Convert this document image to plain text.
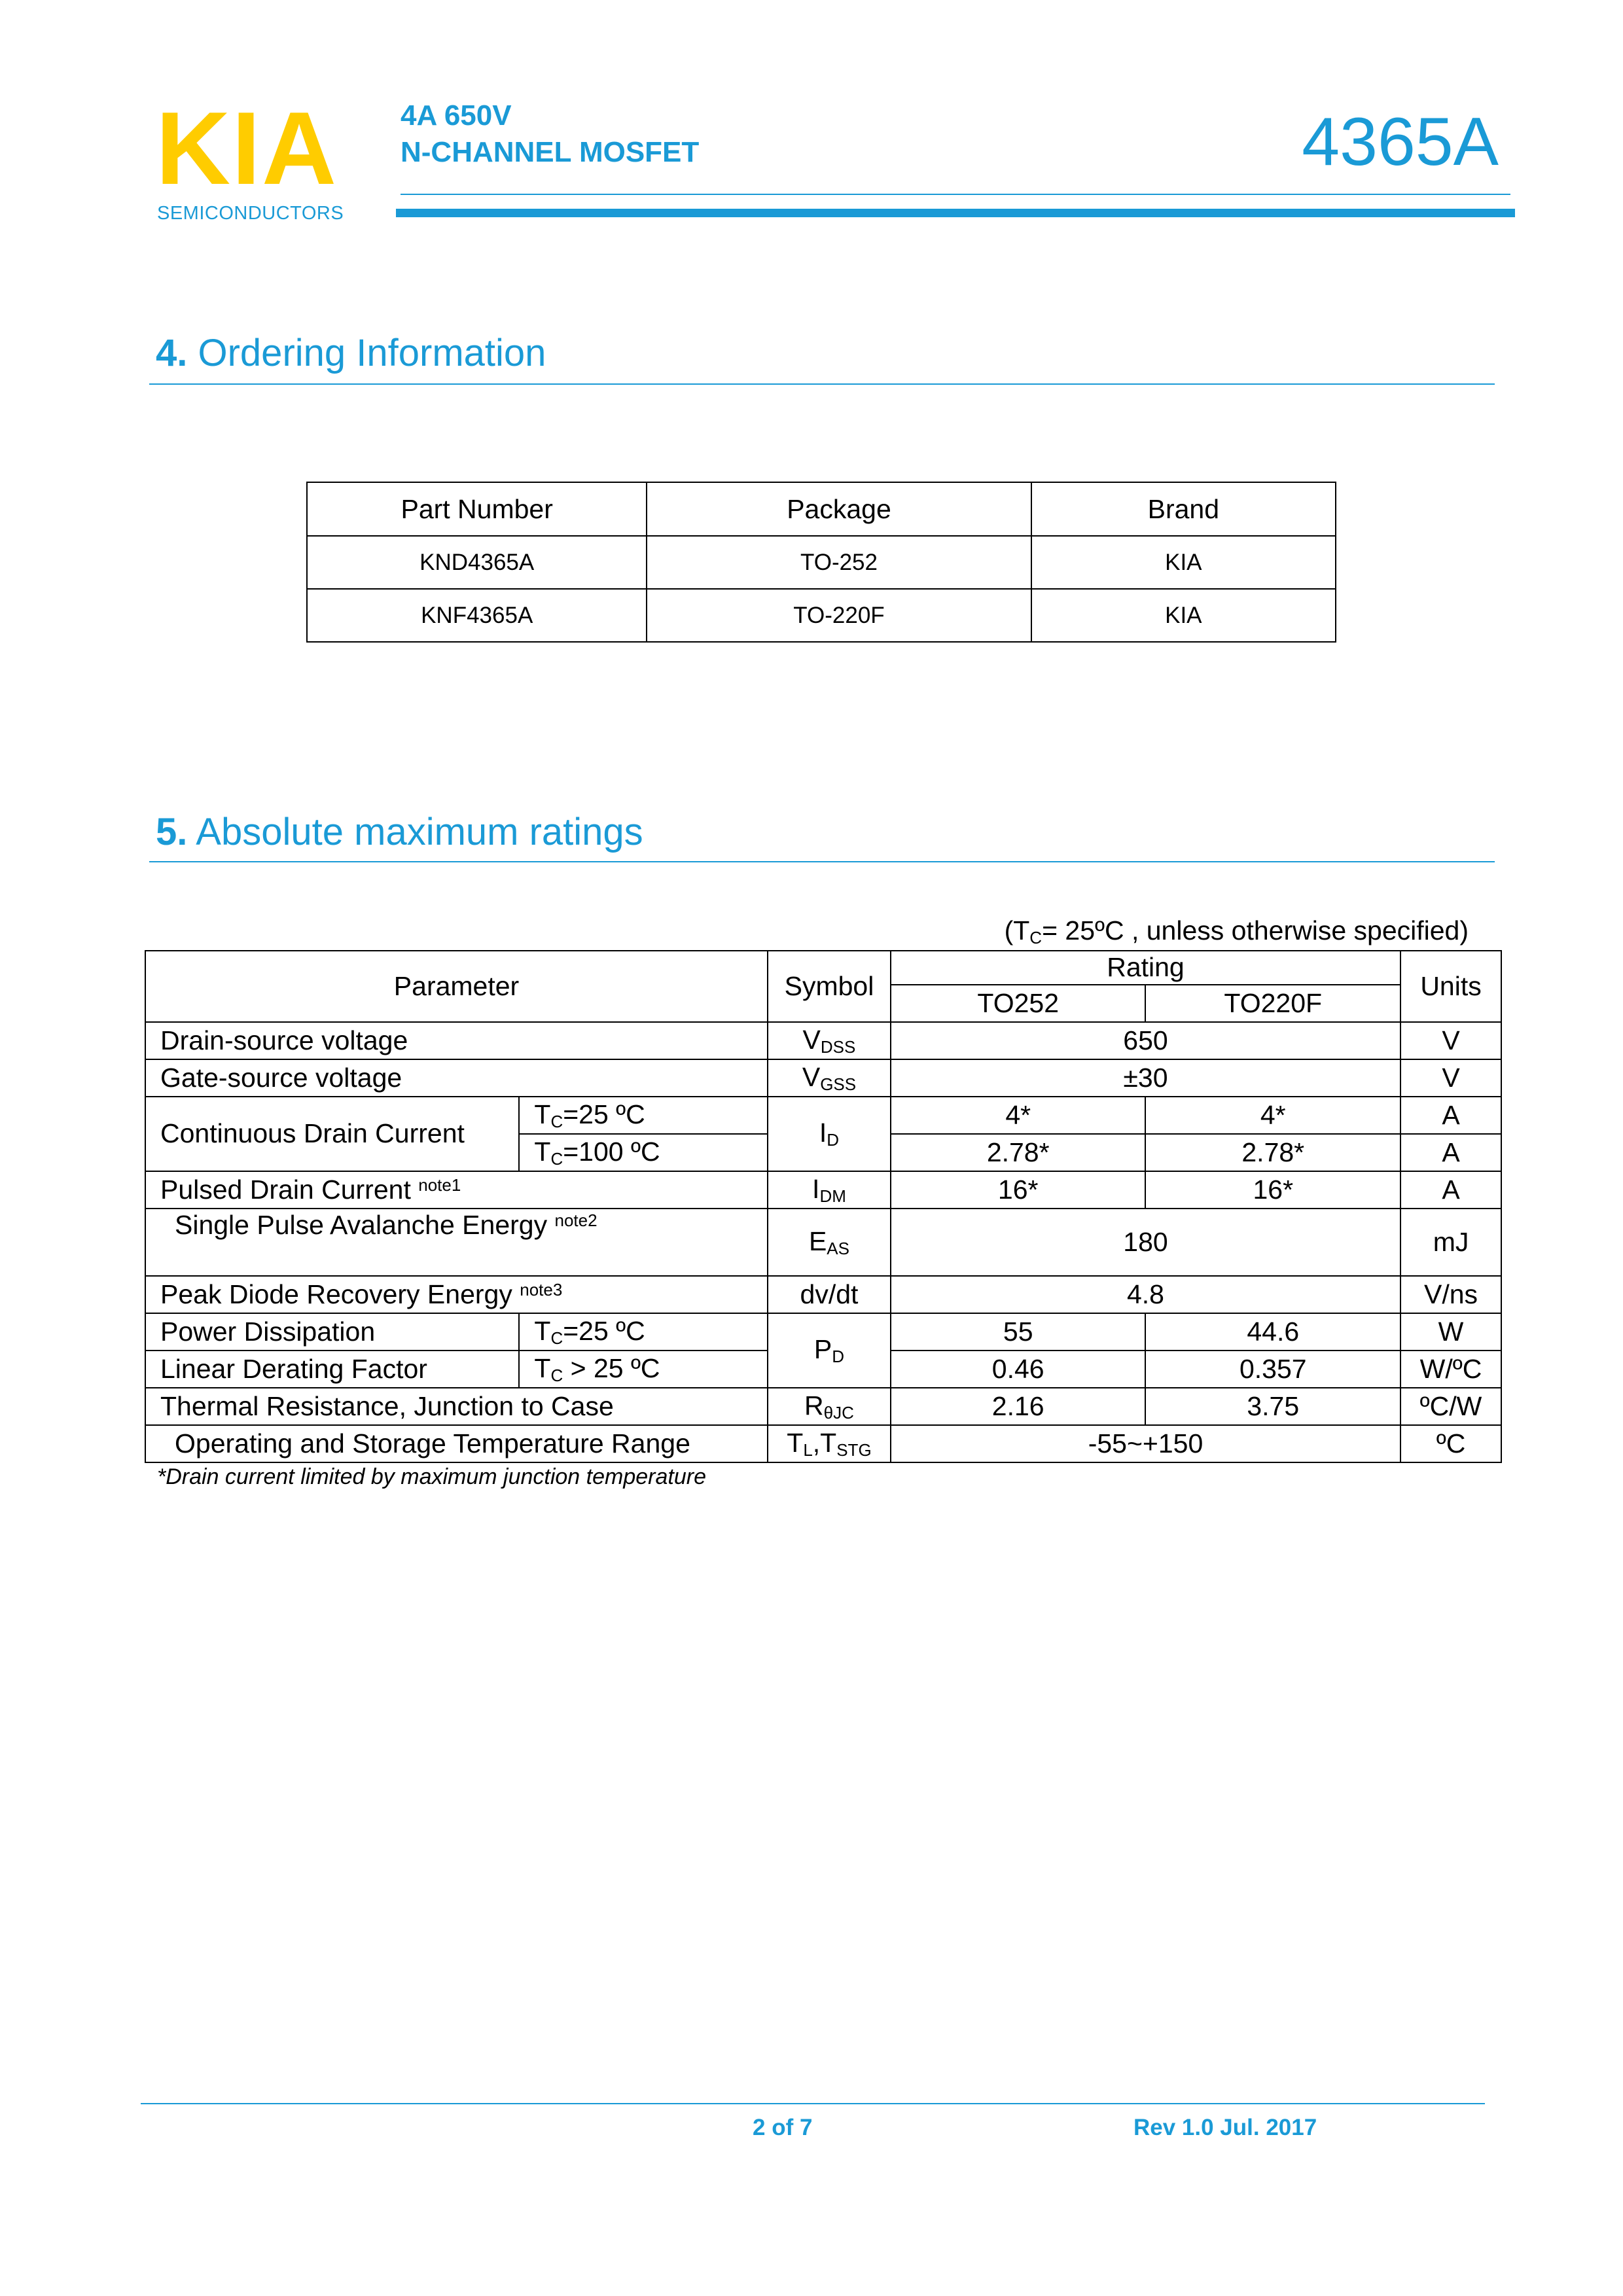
KIA
SEMICONDUCTORS
4A 650V
N-CHANNEL MOSFET	4365A
4. Ordering Information
Part Number	Package	Brand
KND4365A	TO-252	KIA
KNF4365A	TO-220F	KIA
5. Absolute maximum ratings
($T_C=$ 25ºC , unless otherwise specified)
Parameter		Symbol	Rating		Units
			TO252	TO220F	
Drain-source voltage		$V_{DSS}$	650		V
Gate-source voltage		$V_{GSS}$	±30		V
Continuous Drain Current	$T_C=25$ ºC	$I_D$	4*	4*	A
	$T_C=100$ ºC		2.78*	2.78*	A
Pulsed Drain Current $^{note1}$		$I_{DM}$	16*	16*	A
Single Pulse Avalanche Energy $^{note2}$		$E_{AS}$	180		mJ
Peak Diode Recovery Energy $^{note3}$		dv/dt	4.8		V/ns
Power Dissipation	$T_C=25$ ºC	$P_D$	55	44.6	W
Linear Derating Factor	$T_C > 25$ ºC		0.46	0.357	W/ºC
Thermal Resistance, Junction to Case		$R_{\theta JC}$	2.16	3.75	ºC/W
Operating and Storage Temperature Range		$T_L,T_{STG}$	-55~+150		ºC
*Drain current limited by maximum junction temperature
2 of 7	Rev 1.0 Jul. 2017
